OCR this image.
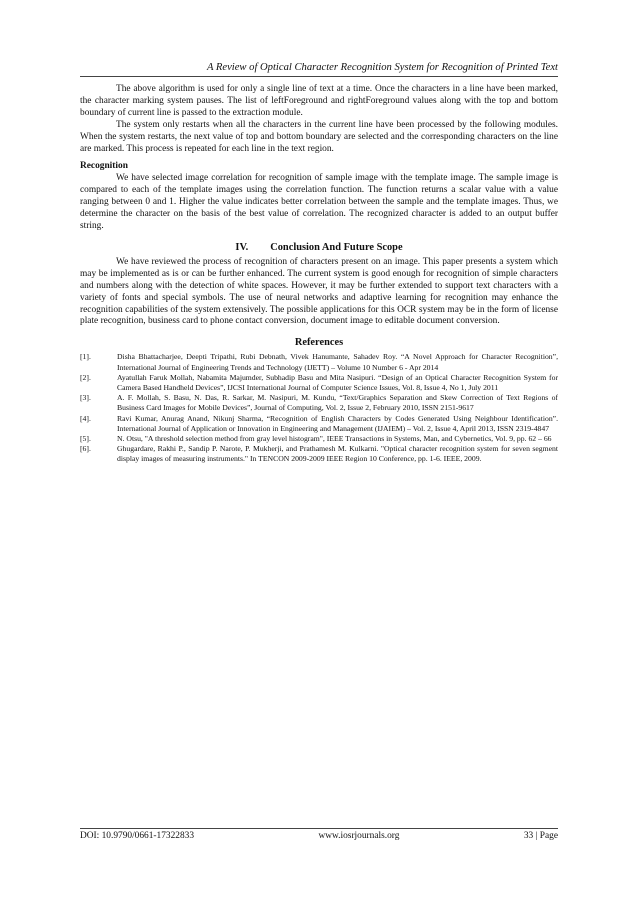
A Review of Optical Character Recognition System for Recognition of Printed Text

The above algorithm is used for only a single line of text at a time. Once the characters in a line have been marked, the character marking system pauses. The list of leftForeground and rightForeground values along with the top and bottom boundary of current line is passed to the extraction module.

The system only restarts when all the characters in the current line have been processed by the following modules. When the system restarts, the next value of top and bottom boundary are selected and the corresponding characters on the line are marked. This process is repeated for each line in the text region.

Recognition

We have selected image correlation for recognition of sample image with the template image. The sample image is compared to each of the template images using the correlation function. The function returns a scalar value with a value ranging between 0 and 1. Higher the value indicates better correlation between the sample and the template images. Thus, we determine the character on the basis of the best value of correlation. The recognized character is added to an output buffer string.

IV. Conclusion And Future Scope

We have reviewed the process of recognition of characters present on an image. This paper presents a system which may be implemented as is or can be further enhanced. The current system is good enough for recognition of simple characters and numbers along with the detection of white spaces. However, it may be further extended to support text characters with a variety of fonts and special symbols. The use of neural networks and adaptive learning for recognition may enhance the recognition capabilities of the system extensively. The possible applications for this OCR system may be in the form of license plate recognition, business card to phone contact conversion, document image to editable document conversion.

References
[1].	Disha Bhattacharjee, Deepti Tripathi, Rubi Debnath, Vivek Hanumante, Sahadev Roy. “A Novel Approach for Character Recognition”, International Journal of Engineering Trends and Technology (IJETT) – Volume 10 Number 6 - Apr 2014
[2].	Ayatullah Faruk Mollah, Nabamita Majumder, Subhadip Basu and Mita Nasipuri. “Design of an Optical Character Recognition System for Camera Based Handheld Devices”, IJCSI International Journal of Computer Science Issues, Vol. 8, Issue 4, No 1, July 2011
[3].	A. F. Mollah, S. Basu, N. Das, R. Sarkar, M. Nasipuri, M. Kundu, “Text/Graphics Separation and Skew Correction of Text Regions of Business Card Images for Mobile Devices”, Journal of Computing, Vol. 2, Issue 2, February 2010, ISSN 2151-9617
[4].	Ravi Kumar, Anurag Anand, Nikunj Sharma, “Recognition of English Characters by Codes Generated Using Neighbour Identification”. International Journal of Application or Innovation in Engineering and Management (IJAIEM) – Vol. 2, Issue 4, April 2013, ISSN 2319-4847
[5].	N. Otsu, "A threshold selection method from gray level histogram", IEEE Transactions in Systems, Man, and Cybernetics, Vol. 9, pp. 62 – 66
[6].	Ghugardare, Rakhi P., Sandip P. Narote, P. Mukherji, and Prathamesh M. Kulkarni. "Optical character recognition system for seven segment display images of measuring instruments." In TENCON 2009-2009 IEEE Region 10 Conference, pp. 1-6. IEEE, 2009.
DOI: 10.9790/0661-17322833	www.iosrjournals.org	33 | Page
